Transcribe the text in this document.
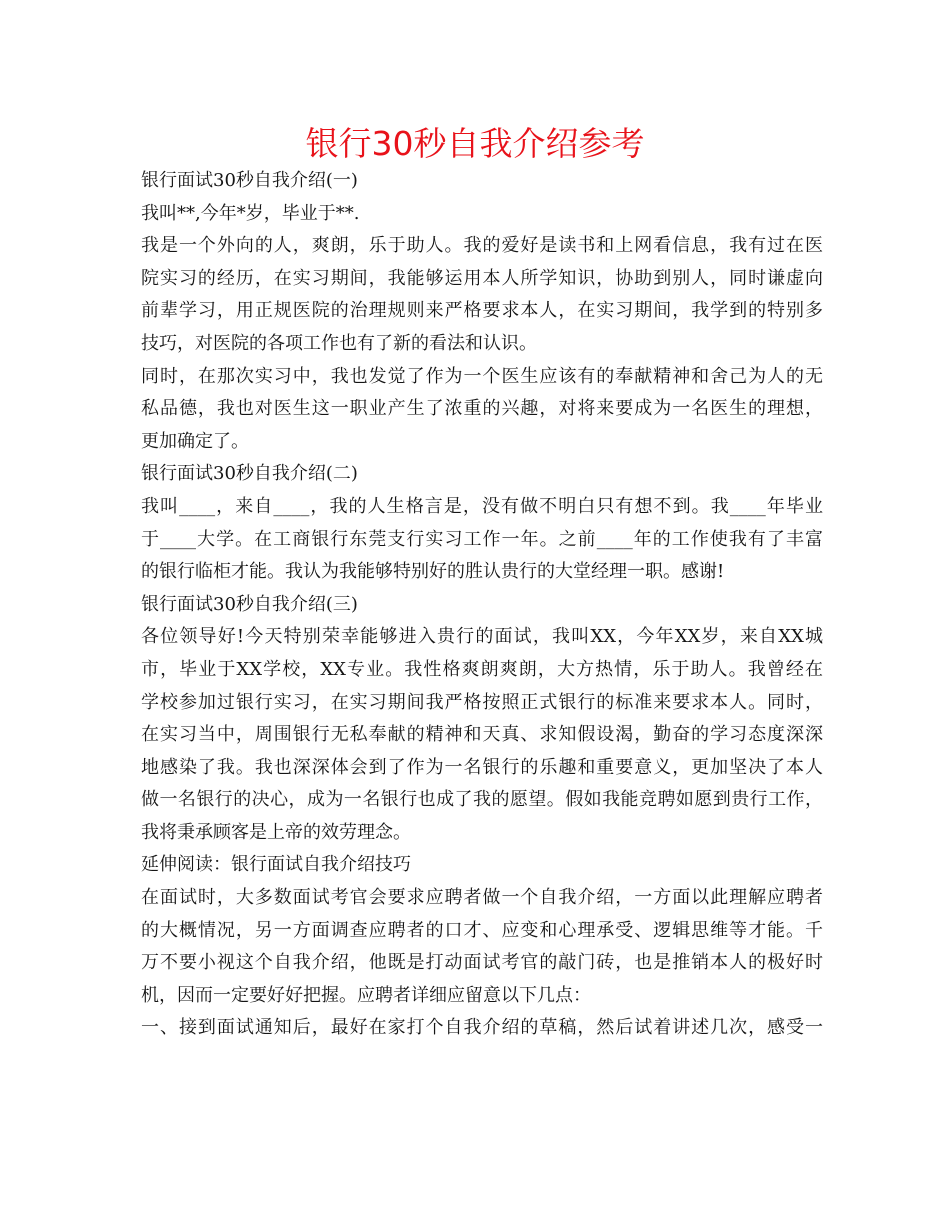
银行30秒自我介绍参考
银行面试30秒自我介绍(一)
我叫**,今年*岁，毕业于**.
我是一个外向的人，爽朗，乐于助人。我的爱好是读书和上网看信息，我有过在医
院实习的经历，在实习期间，我能够运用本人所学知识，协助到别人，同时谦虚向
前辈学习，用正规医院的治理规则来严格要求本人，在实习期间，我学到的特别多
技巧，对医院的各项工作也有了新的看法和认识。
同时，在那次实习中，我也发觉了作为一个医生应该有的奉献精神和舍己为人的无
私品德，我也对医生这一职业产生了浓重的兴趣，对将来要成为一名医生的理想，
更加确定了。
银行面试30秒自我介绍(二)
我叫____，来自____，我的人生格言是，没有做不明白只有想不到。我____年毕业
于____大学。在工商银行东莞支行实习工作一年。之前____年的工作使我有了丰富
的银行临柜才能。我认为我能够特别好的胜认贵行的大堂经理一职。感谢!
银行面试30秒自我介绍(三)
各位领导好!今天特别荣幸能够进入贵行的面试，我叫XX，今年XX岁，来自XX城
市，毕业于XX学校，XX专业。我性格爽朗爽朗，大方热情，乐于助人。我曾经在
学校参加过银行实习，在实习期间我严格按照正式银行的标准来要求本人。同时，
在实习当中，周围银行无私奉献的精神和天真、求知假设渴，勤奋的学习态度深深
地感染了我。我也深深体会到了作为一名银行的乐趣和重要意义，更加坚决了本人
做一名银行的决心，成为一名银行也成了我的愿望。假如我能竞聘如愿到贵行工作，
我将秉承顾客是上帝的效劳理念。
延伸阅读：银行面试自我介绍技巧
在面试时，大多数面试考官会要求应聘者做一个自我介绍，一方面以此理解应聘者
的大概情况，另一方面调查应聘者的口才、应变和心理承受、逻辑思维等才能。千
万不要小视这个自我介绍，他既是打动面试考官的敲门砖，也是推销本人的极好时
机，因而一定要好好把握。应聘者详细应留意以下几点：
一、接到面试通知后，最好在家打个自我介绍的草稿，然后试着讲述几次，感受一
